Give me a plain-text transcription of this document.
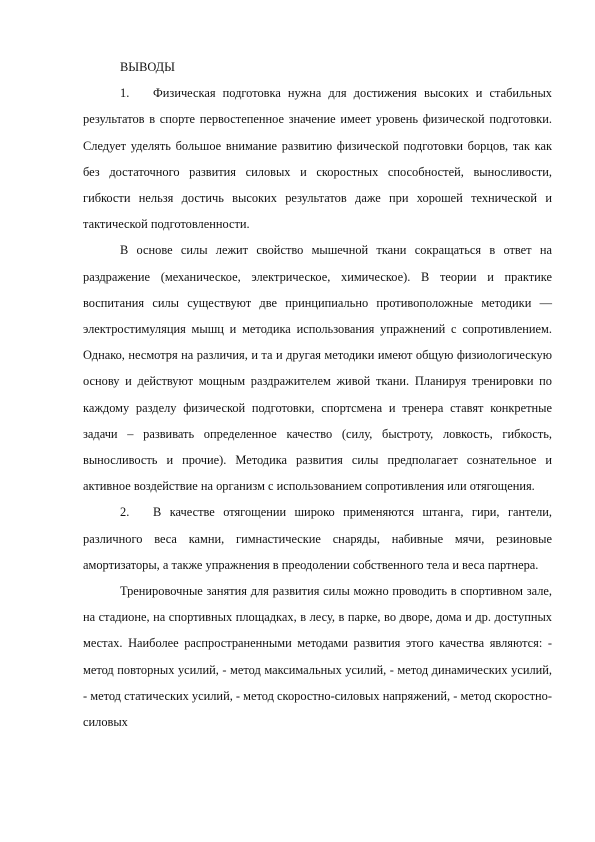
ВЫВОДЫ

1. Физическая подготовка нужна для достижения высоких и стабильных результатов в спорте первостепенное значение имеет уровень физической подготовки. Следует уделять большое внимание развитию физической подготовки борцов, так как без достаточного развития силовых и скоростных способностей, выносливости, гибкости нельзя достичь высоких результатов даже при хорошей технической и тактической подготовленности.

В основе силы лежит свойство мышечной ткани сокращаться в ответ на раздражение (механическое, электрическое, химическое). В теории и практике воспитания силы существуют две принципиально противоположные методики — электростимуляция мышц и методика использования упражнений с сопротивлением. Однако, несмотря на различия, и та и другая методики имеют общую физиологическую основу и действуют мощным раздражителем живой ткани. Планируя тренировки по каждому разделу физической подготовки, спортсмена и тренера ставят конкретные задачи – развивать определенное качество (силу, быстроту, ловкость, гибкость, выносливость и прочие). Методика развития силы предполагает сознательное и активное воздействие на организм с использованием сопротивления или отягощения.

2. В качестве отягощении широко применяются штанга, гири, гантели, различного веса камни, гимнастические снаряды, набивные мячи, резиновые амортизаторы, а также упражнения в преодолении собственного тела и веса партнера.

Тренировочные занятия для развития силы можно проводить в спортивном зале, на стадионе, на спортивных площадках, в лесу, в парке, во дворе, дома и др. доступных местах. Наиболее распространенными методами развития этого качества являются: - метод повторных усилий, - метод максимальных усилий, - метод динамических усилий, - метод статических усилий, - метод скоростно-силовых напряжений, - метод скоростно-силовых
